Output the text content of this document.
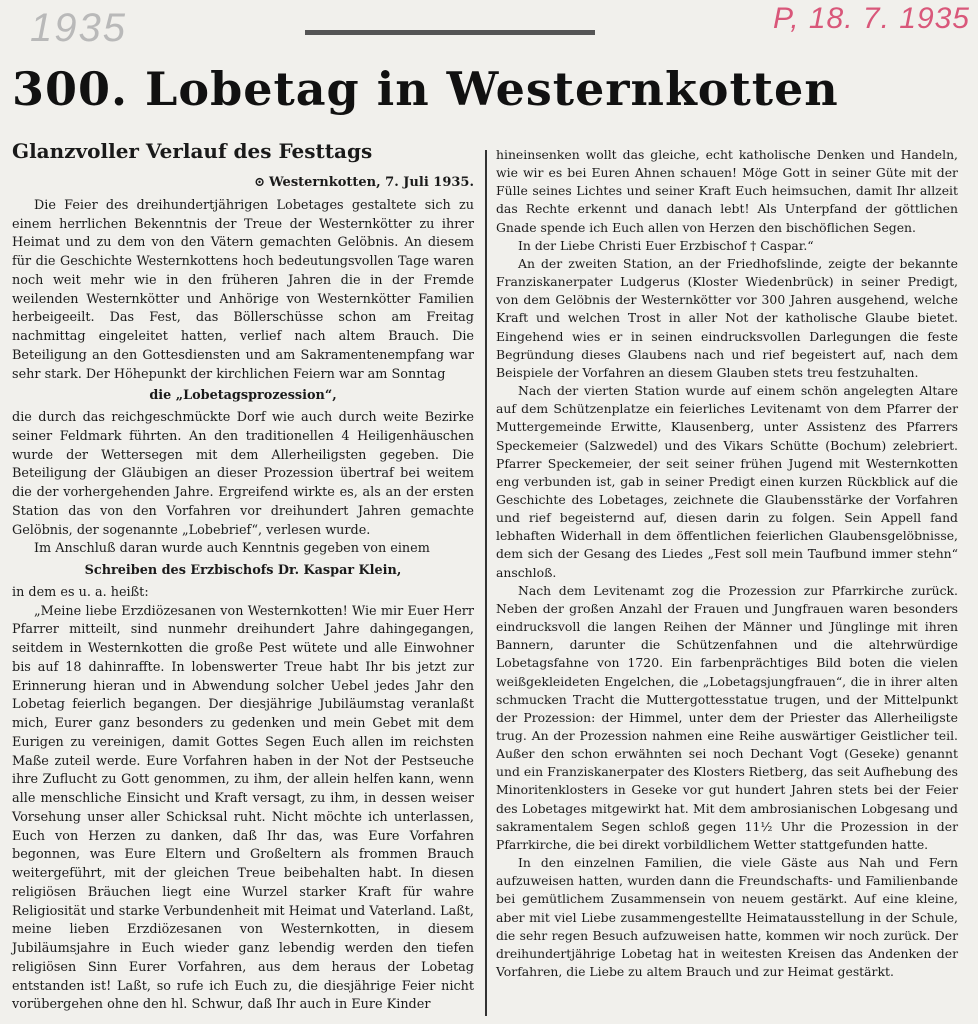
1935	P, 18. 7. 1935
300. Lobetag in Westernkotten
Glanzvoller Verlauf des Festtags
⊙ Westernkotten, 7. Juli 1935.

Die Feier des dreihundertjährigen Lobetages gestaltete sich zu einem herrlichen Bekenntnis der Treue der Westernkötter zu ihrer Heimat und zu dem von den Vätern gemachten Gelöbnis. An diesem für die Geschichte Westernkottens hoch bedeutungsvollen Tage waren noch weit mehr wie in den früheren Jahren die in der Fremde weilenden Westernkötter und Anhörige von Westernkötter Familien herbeigeeilt. Das Fest, das Böllerschüsse schon am Freitag nachmittag eingeleitet hatten, verlief nach altem Brauch. Die Beteiligung an den Gottesdiensten und am Sakramentenempfang war sehr stark. Der Höhepunkt der kirchlichen Feiern war am Sonntag

die „Lobetagsprozession“,

die durch das reichgeschmückte Dorf wie auch durch weite Bezirke seiner Feldmark führten. An den traditionellen 4 Heiligenhäuschen wurde der Wettersegen mit dem Allerheiligsten gegeben. Die Beteiligung der Gläubigen an dieser Prozession übertraf bei weitem die der vorhergehenden Jahre. Ergreifend wirkte es, als an der ersten Station das von den Vorfahren vor dreihundert Jahren gemachte Gelöbnis, der sogenannte „Lobebrief“, verlesen wurde.

Im Anschluß daran wurde auch Kenntnis gegeben von einem

Schreiben des Erzbischofs Dr. Kaspar Klein,

in dem es u. a. heißt:

„Meine liebe Erzdiözesanen von Westernkotten! Wie mir Euer Herr Pfarrer mitteilt, sind nunmehr dreihundert Jahre dahingegangen, seitdem in Westernkotten die große Pest wütete und alle Einwohner bis auf 18 dahinraffte. In lobenswerter Treue habt Ihr bis jetzt zur Erinnerung hieran und in Abwendung solcher Uebel jedes Jahr den Lobetag feierlich begangen. Der diesjährige Jubiläumstag veranlaßt mich, Eurer ganz besonders zu gedenken und mein Gebet mit dem Eurigen zu vereinigen, damit Gottes Segen Euch allen im reichsten Maße zuteil werde. Eure Vorfahren haben in der Not der Pestseuche ihre Zuflucht zu Gott genommen, zu ihm, der allein helfen kann, wenn alle menschliche Einsicht und Kraft versagt, zu ihm, in dessen weiser Vorsehung unser aller Schicksal ruht. Nicht möchte ich unterlassen, Euch von Herzen zu danken, daß Ihr das, was Eure Vorfahren begonnen, was Eure Eltern und Großeltern als frommen Brauch weitergeführt, mit der gleichen Treue beibehalten habt. In diesen religiösen Bräuchen liegt eine Wurzel starker Kraft für wahre Religiosität und starke Verbundenheit mit Heimat und Vaterland. Laßt, meine lieben Erzdiözesanen von Westernkotten, in diesem Jubiläumsjahre in Euch wieder ganz lebendig werden den tiefen religiösen Sinn Eurer Vorfahren, aus dem heraus der Lobetag entstanden ist! Laßt, so rufe ich Euch zu, die diesjährige Feier nicht vorübergehen ohne den hl. Schwur, daß Ihr auch in Eure Kinder

hineinsenken wollt das gleiche, echt katholische Denken und Handeln, wie wir es bei Euren Ahnen schauen! Möge Gott in seiner Güte mit der Fülle seines Lichtes und seiner Kraft Euch heimsuchen, damit Ihr allzeit das Rechte erkennt und danach lebt! Als Unterpfand der göttlichen Gnade spende ich Euch allen von Herzen den bischöflichen Segen.

In der Liebe Christi Euer Erzbischof † Caspar.“

An der zweiten Station, an der Friedhofslinde, zeigte der bekannte Franziskanerpater Ludgerus (Kloster Wiedenbrück) in seiner Predigt, von dem Gelöbnis der Westernkötter vor 300 Jahren ausgehend, welche Kraft und welchen Trost in aller Not der katholische Glaube bietet. Eingehend wies er in seinen eindrucksvollen Darlegungen die feste Begründung dieses Glaubens nach und rief begeistert auf, nach dem Beispiele der Vorfahren an diesem Glauben stets treu festzuhalten.

Nach der vierten Station wurde auf einem schön angelegten Altare auf dem Schützenplatze ein feierliches Levitenamt von dem Pfarrer der Muttergemeinde Erwitte, Klausenberg, unter Assistenz des Pfarrers Speckemeier (Salzwedel) und des Vikars Schütte (Bochum) zelebriert. Pfarrer Speckemeier, der seit seiner frühen Jugend mit Westernkotten eng verbunden ist, gab in seiner Predigt einen kurzen Rückblick auf die Geschichte des Lobetages, zeichnete die Glaubensstärke der Vorfahren und rief begeisternd auf, diesen darin zu folgen. Sein Appell fand lebhaften Widerhall in dem öffentlichen feierlichen Glaubensgelöbnisse, dem sich der Gesang des Liedes „Fest soll mein Taufbund immer stehn“ anschloß.

Nach dem Levitenamt zog die Prozession zur Pfarrkirche zurück. Neben der großen Anzahl der Frauen und Jungfrauen waren besonders eindrucksvoll die langen Reihen der Männer und Jünglinge mit ihren Bannern, darunter die Schützenfahnen und die altehrwürdige Lobetagsfahne von 1720. Ein farbenprächtiges Bild boten die vielen weißgekleideten Engelchen, die „Lobetagsjungfrauen“, die in ihrer alten schmucken Tracht die Muttergottesstatue trugen, und der Mittelpunkt der Prozession: der Himmel, unter dem der Priester das Allerheiligste trug. An der Prozession nahmen eine Reihe auswärtiger Geistlicher teil. Außer den schon erwähnten sei noch Dechant Vogt (Geseke) genannt und ein Franziskanerpater des Klosters Rietberg, das seit Aufhebung des Minoritenklosters in Geseke vor gut hundert Jahren stets bei der Feier des Lobetages mitgewirkt hat. Mit dem ambrosianischen Lobgesang und sakramentalem Segen schloß gegen 11½ Uhr die Prozession in der Pfarrkirche, die bei direkt vorbildlichem Wetter stattgefunden hatte.

In den einzelnen Familien, die viele Gäste aus Nah und Fern aufzuweisen hatten, wurden dann die Freundschafts- und Familienbande bei gemütlichem Zusammensein von neuem gestärkt. Auf eine kleine, aber mit viel Liebe zusammengestellte Heimatausstellung in der Schule, die sehr regen Besuch aufzuweisen hatte, kommen wir noch zurück. Der dreihundertjährige Lobetag hat in weitesten Kreisen das Andenken der Vorfahren, die Liebe zu altem Brauch und zur Heimat gestärkt.
